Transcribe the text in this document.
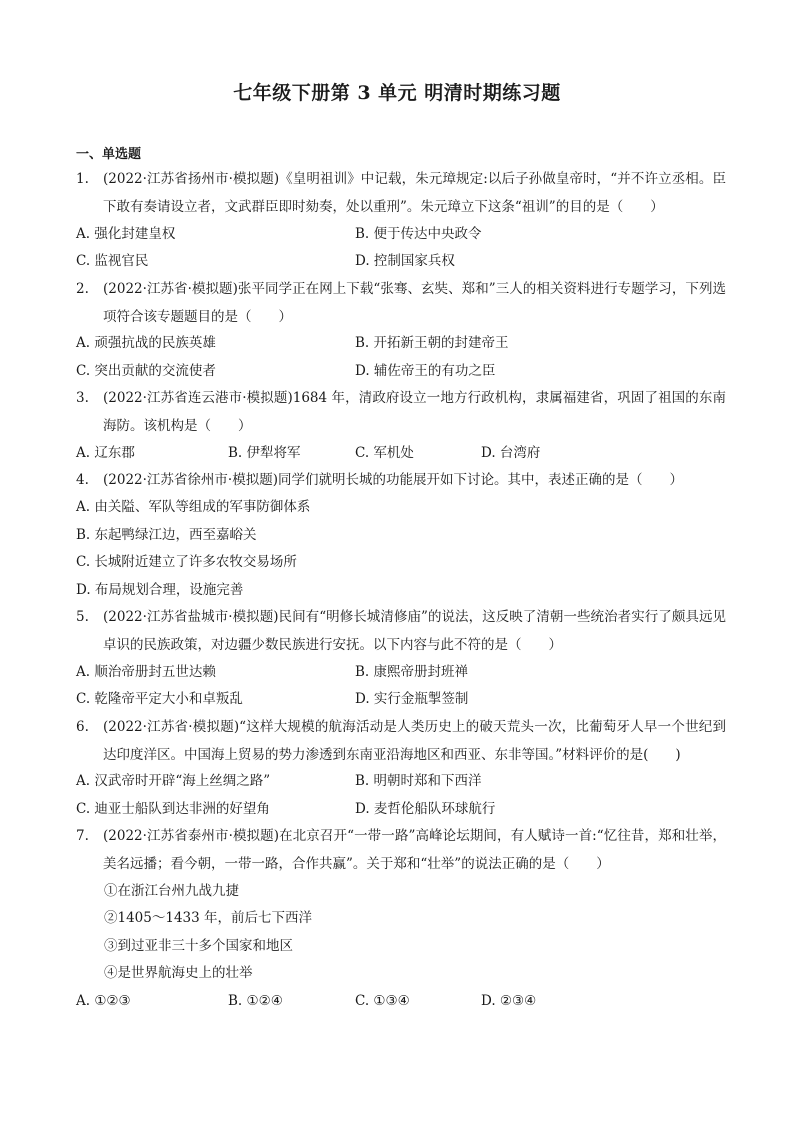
七年级下册第 3 单元 明清时期练习题
一、单选题
1. (2022·江苏省扬州市·模拟题)《皇明祖训》中记载，朱元璋规定:以后子孙做皇帝时，“并不许立丞相。臣下敢有奏请设立者，文武群臣即时劾奏，处以重刑”。朱元璋立下这条“祖训”的目的是（　　）
A. 强化封建皇权	B. 便于传达中央政令
C. 监视官民	D. 控制国家兵权
2. (2022·江苏省·模拟题)张平同学正在网上下载“张骞、玄奘、郑和”三人的相关资料进行专题学习，下列选项符合该专题题目的是（　　）
A. 顽强抗战的民族英雄	B. 开拓新王朝的封建帝王
C. 突出贡献的交流使者	D. 辅佐帝王的有功之臣
3. (2022·江苏省连云港市·模拟题)1684 年，清政府设立一地方行政机构，隶属福建省，巩固了祖国的东南海防。该机构是（　　）
A. 辽东郡	B. 伊犁将军	C. 军机处	D. 台湾府
4. (2022·江苏省徐州市·模拟题)同学们就明长城的功能展开如下讨论。其中，表述正确的是（　　）
A. 由关隘、军队等组成的军事防御体系
B. 东起鸭绿江边，西至嘉峪关
C. 长城附近建立了许多农牧交易场所
D. 布局规划合理，设施完善
5. (2022·江苏省盐城市·模拟题)民间有“明修长城清修庙”的说法，这反映了清朝一些统治者实行了颇具远见卓识的民族政策，对边疆少数民族进行安抚。以下内容与此不符的是（　　）
A. 顺治帝册封五世达赖	B. 康熙帝册封班禅
C. 乾隆帝平定大小和卓叛乱	D. 实行金瓶掣签制
6. (2022·江苏省·模拟题)“这样大规模的航海活动是人类历史上的破天荒头一次，比葡萄牙人早一个世纪到达印度洋区。中国海上贸易的势力渗透到东南亚沿海地区和西亚、东非等国。”材料评价的是(　　)
A. 汉武帝时开辟“海上丝绸之路”	B. 明朝时郑和下西洋
C. 迪亚士船队到达非洲的好望角	D. 麦哲伦船队环球航行
7. (2022·江苏省泰州市·模拟题)在北京召开“一带一路”高峰论坛期间，有人赋诗一首:“忆往昔，郑和壮举，美名远播；看今朝，一带一路，合作共赢”。关于郑和“壮举”的说法正确的是（　　）
①在浙江台州九战九捷
②1405～1433 年，前后七下西洋
③到过亚非三十多个国家和地区
④是世界航海史上的壮举
A. ①②③	B. ①②④	C. ①③④	D. ②③④
